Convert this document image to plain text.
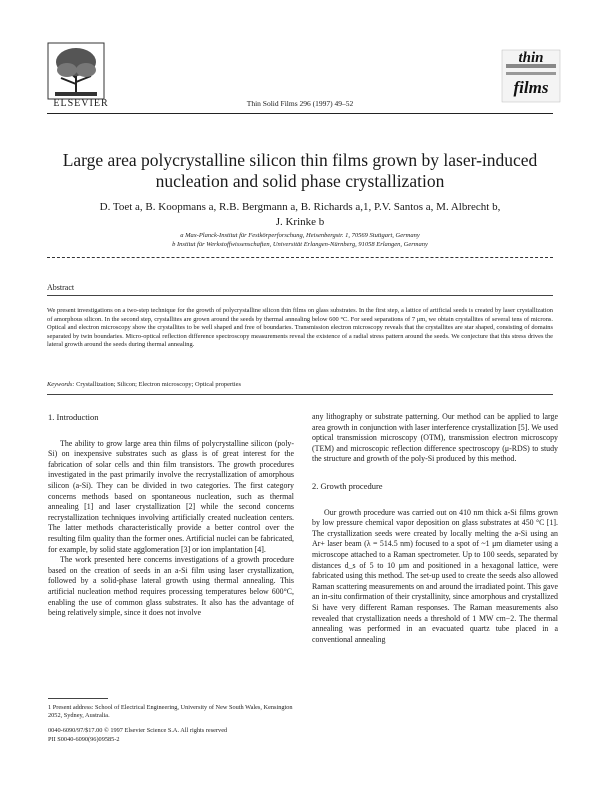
ELSEVIER	Thin Solid Films 296 (1997) 49–52
thin
films
Large area polycrystalline silicon thin films grown by laser-induced nucleation and solid phase crystallization
D. Toet a, B. Koopmans a, R.B. Bergmann a, B. Richards a,1, P.V. Santos a, M. Albrecht b,
J. Krinke b
a Max-Planck-Institut für Festkörperforschung, Heisenbergstr. 1, 70569 Stuttgart, Germany
b Institut für Werkstoffwissenschaften, Universität Erlangen-Nürnberg, 91058 Erlangen, Germany
Abstract
We present investigations on a two-step technique for the growth of polycrystalline silicon thin films on glass substrates. In the first step, a lattice of artificial seeds is created by laser crystallization of amorphous silicon. In the second step, crystallites are grown around the seeds by thermal annealing below 600 °C. For seed separations of 7 μm, we obtain crystallites of several tens of microns. Optical and electron microscopy show the crystallites to be well shaped and free of boundaries. Transmission electron microscopy reveals that the crystallites are star shaped, consisting of domains separated by twin boundaries. Micro-optical reflection difference spectroscopy measurements reveal the existence of a radial stress pattern around the seeds. We conjecture that this stress drives the lateral growth around the seeds during thermal annealing.
Keywords: Crystallization; Silicon; Electron microscopy; Optical properties

1. Introduction

The ability to grow large area thin films of polycrystalline silicon (poly-Si) on inexpensive substrates such as glass is of great interest for the fabrication of solar cells and thin film transistors. The growth procedures investigated in the past primarily involve the recrystallization of amorphous silicon (a-Si). They can be divided in two categories. The first category concerns methods based on spontaneous nucleation, such as thermal annealing [1] and laser crystallization [2] while the second concerns recrystallization techniques involving artificially created nucleation centers. The latter methods characteristically provide a better control over the resulting film quality than the former ones. Artificial nuclei can be fabricated, for example, by solid state agglomeration [3] or ion implantation [4].

The work presented here concerns investigations of a growth procedure based on the creation of seeds in an a-Si film using laser crystallization, followed by a solid-phase lateral growth using thermal annealing. This artificial nucleation method requires processing temperatures below 600°C, enabling the use of common glass substrates. It also has the advantage of being relatively simple, since it does not involve

any lithography or substrate patterning. Our method can be applied to large area growth in conjunction with laser interference crystallization [5]. We used optical transmission microscopy (OTM), transmission electron microscopy (TEM) and microscopic reflection difference spectroscopy (μ-RDS) to study the structure and growth of the poly-Si produced by this method.

2. Growth procedure

Our growth procedure was carried out on 410 nm thick a-Si films grown by low pressure chemical vapor deposition on glass substrates at 450 °C [1]. The crystallization seeds were created by locally melting the a-Si using an Ar+ laser beam (λ = 514.5 nm) focused to a spot of ~1 μm diameter using a microscope attached to a Raman spectrometer. Up to 100 seeds, separated by distances d_s of 5 to 10 μm and positioned in a hexagonal lattice, were fabricated using this method. The set-up used to create the seeds also allowed Raman scattering measurements on and around the irradiated point. This gave an in-situ confirmation of their crystallinity, since amorphous and crystallized Si have very different Raman responses. The Raman measurements also revealed that crystallization needs a threshold of 1 MW cm−2. The thermal annealing was performed in an evacuated quartz tube placed in a conventional annealing

1 Present address: School of Electrical Engineering, University of New South Wales, Kensington 2052, Sydney, Australia.
0040-6090/97/$17.00 © 1997 Elsevier Science S.A. All rights reserved
PII S0040-6090(96)09585-2
